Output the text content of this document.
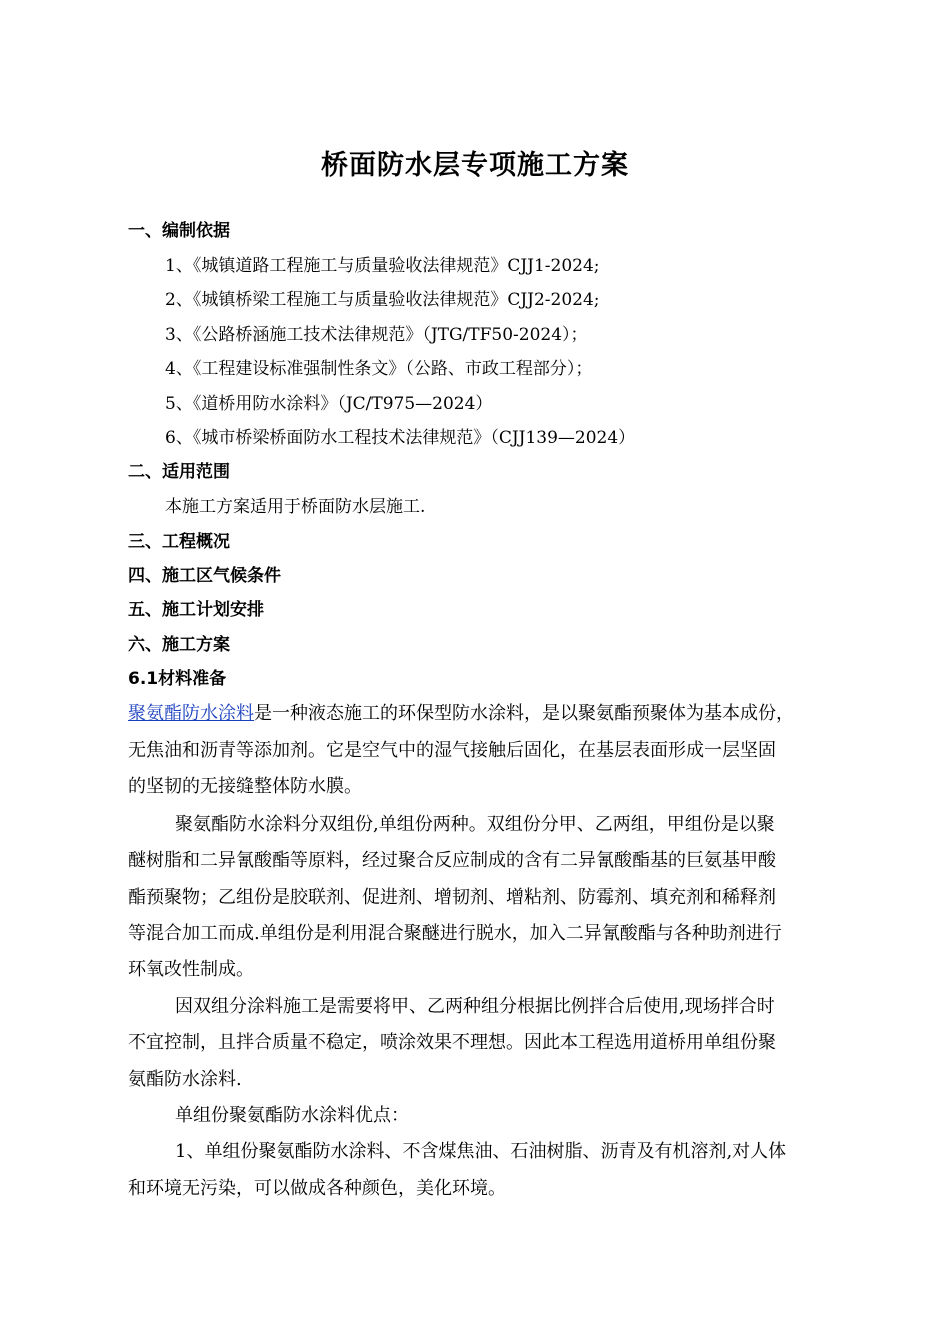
桥面防水层专项施工方案
一、编制依据
1、《城镇道路工程施工与质量验收法律规范》CJJ1-2024;
2、《城镇桥梁工程施工与质量验收法律规范》CJJ2-2024;
3、《公路桥涵施工技术法律规范》（JTG/TF50-2024）；
4、《工程建设标准强制性条文》（公路、市政工程部分）；
5、《道桥用防水涂料》（JC/T975—2024）
6、《城市桥梁桥面防水工程技术法律规范》（CJJ139—2024）
二、适用范围
本施工方案适用于桥面防水层施工.
三、工程概况
四、施工区气候条件
五、施工计划安排
六、施工方案
6.1材料准备
聚氨酯防水涂料是一种液态施工的环保型防水涂料，是以聚氨酯预聚体为基本成份，
无焦油和沥青等添加剂。它是空气中的湿气接触后固化，在基层表面形成一层坚固
的坚韧的无接缝整体防水膜。
聚氨酯防水涂料分双组份,单组份两种。双组份分甲、乙两组，甲组份是以聚
醚树脂和二异氰酸酯等原料，经过聚合反应制成的含有二异氰酸酯基的巨氨基甲酸
酯预聚物；乙组份是胶联剂、促进剂、增韧剂、增粘剂、防霉剂、填充剂和稀释剂
等混合加工而成.单组份是利用混合聚醚进行脱水，加入二异氰酸酯与各种助剂进行
环氧改性制成。
因双组分涂料施工是需要将甲、乙两种组分根据比例拌合后使用,现场拌合时
不宜控制，且拌合质量不稳定，喷涂效果不理想。因此本工程选用道桥用单组份聚
氨酯防水涂料.
单组份聚氨酯防水涂料优点：
1、单组份聚氨酯防水涂料、不含煤焦油、石油树脂、沥青及有机溶剂,对人体
和环境无污染，可以做成各种颜色，美化环境。
